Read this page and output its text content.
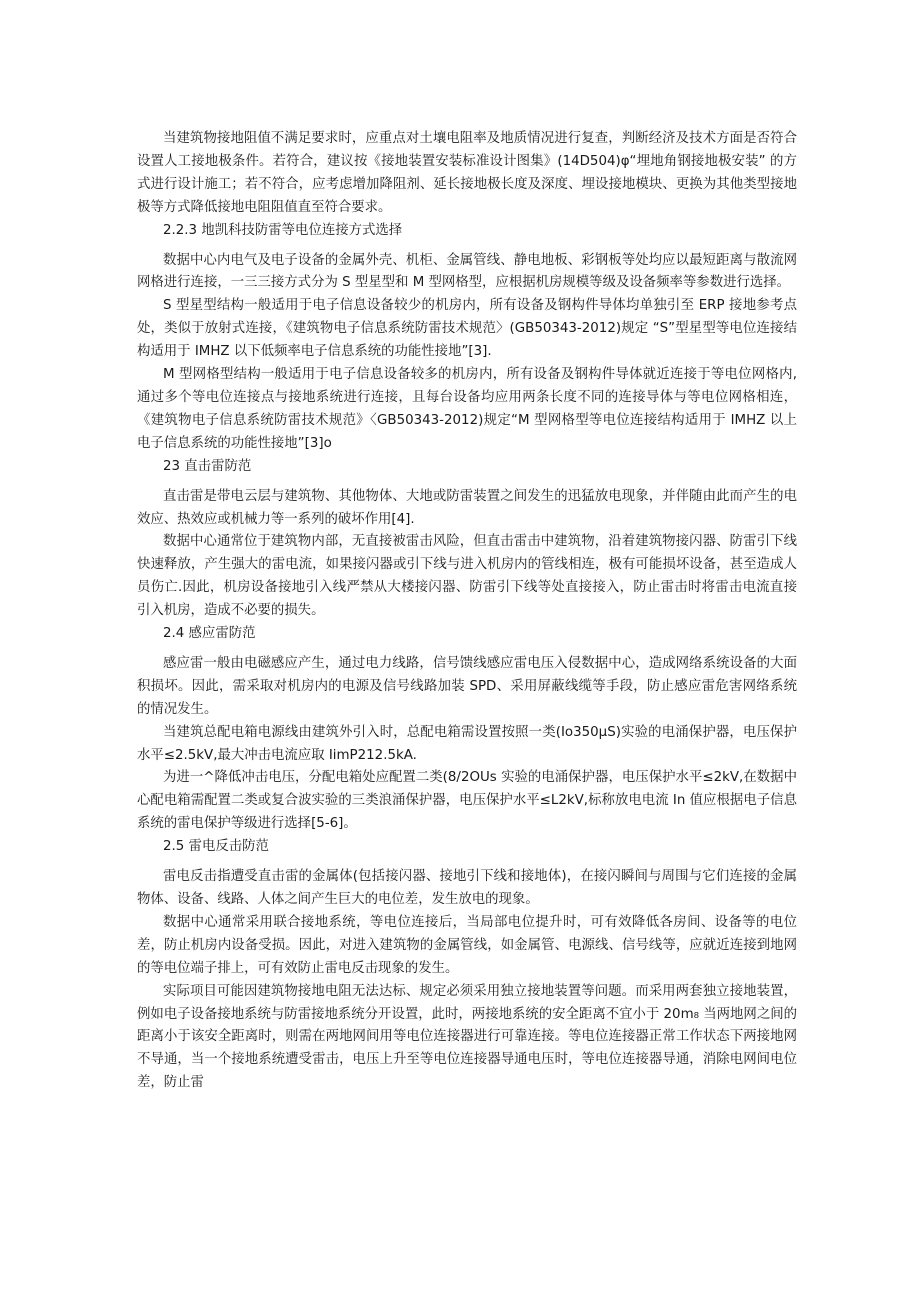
当建筑物接地阻值不满足要求时，应重点对土壤电阻率及地质情况进行复查，判断经济及技术方面是否符合设置人工接地极条件。若符合，建议按《接地装置安装标准设计图集》(14D504)φ“埋地角钢接地极安装” 的方式进行设计施工；若不符合，应考虑增加降阻剂、延长接地极长度及深度、埋设接地模块、更换为其他类型接地极等方式降低接地电阻阻值直至符合要求。

2.2.3 地凯科技防雷等电位连接方式选择

数据中心内电气及电子设备的金属外壳、机柜、金属管线、静电地板、彩钢板等处均应以最短距离与散流网网格进行连接，一三三接方式分为 S 型星型和 M 型网格型，应根据机房规模等级及设备频率等参数进行选择。

S 型星型结构一般适用于电子信息设备较少的机房内，所有设备及钢构件导体均单独引至 ERP 接地参考点处，类似于放射式连接，《建筑物电子信息系统防雷技术规范〉(GB50343-2012)规定 “S”型星型等电位连接结构适用于 IMHZ 以下低频率电子信息系统的功能性接地”[3].

M 型网格型结构一般适用于电子信息设备较多的机房内，所有设备及钢构件导体就近连接于等电位网格内,通过多个等电位连接点与接地系统进行连接，且每台设备均应用两条长度不同的连接导体与等电位网格相连，《建筑物电子信息系统防雷技术规范》〈GB50343-2012)规定“M 型网格型等电位连接结构适用于 IMHZ 以上电子信息系统的功能性接地”[3]o

23 直击雷防范

直击雷是带电云层与建筑物、其他物体、大地或防雷装置之间发生的迅猛放电现象，并伴随由此而产生的电效应、热效应或机械力等一系列的破坏作用[4].

数据中心通常位于建筑物内部，无直接被雷击风险，但直击雷击中建筑物，沿着建筑物接闪器、防雷引下线快速释放，产生强大的雷电流，如果接闪器或引下线与进入机房内的管线相连，极有可能损坏设备，甚至造成人员伤亡.因此，机房设备接地引入线严禁从大楼接闪器、防雷引下线等处直接接入，防止雷击时将雷击电流直接引入机房，造成不必要的损失。

2.4 感应雷防范

感应雷一般由电磁感应产生，通过电力线路，信号馈线感应雷电压入侵数据中心，造成网络系统设备的大面积损坏。因此，需采取对机房内的电源及信号线路加装 SPD、采用屏蔽线缆等手段，防止感应雷危害网络系统的情况发生。

当建筑总配电箱电源线由建筑外引入时，总配电箱需设置按照一类(Io350μS)实验的电涌保护器，电压保护水平≤2.5kV,最大冲击电流应取 IimP212.5kA.

为进一^降低冲击电压，分配电箱处应配置二类(8/2OUs 实验的电涌保护器，电压保护水平≤2kV,在数据中心配电箱需配置二类或复合波实验的三类浪涌保护器，电压保护水平≤L2kV,标称放电电流 In 值应根据电子信息系统的雷电保护等级进行选择[5-6]。

2.5 雷电反击防范

雷电反击指遭受直击雷的金属体(包括接闪器、接地引下线和接地体)，在接闪瞬间与周围与它们连接的金属物体、设备、线路、人体之间产生巨大的电位差，发生放电的现象。

数据中心通常采用联合接地系统，等电位连接后，当局部电位提升时，可有效降低各房间、设备等的电位差，防止机房内设备受损。因此，对进入建筑物的金属管线，如金属管、电源线、信号线等，应就近连接到地网的等电位端子排上，可有效防止雷电反击现象的发生。

实际项目可能因建筑物接地电阻无法达标、规定必须采用独立接地装置等问题。而采用两套独立接地装置，例如电子设备接地系统与防雷接地系统分开设置，此时，两接地系统的安全距离不宜小于 20m₈ 当两地网之间的距离小于该安全距离时，则需在两地网间用等电位连接器进行可靠连接。等电位连接器正常工作状态下两接地网不导通，当一个接地系统遭受雷击，电压上升至等电位连接器导通电压时，等电位连接器导通，消除电网间电位差，防止雷
